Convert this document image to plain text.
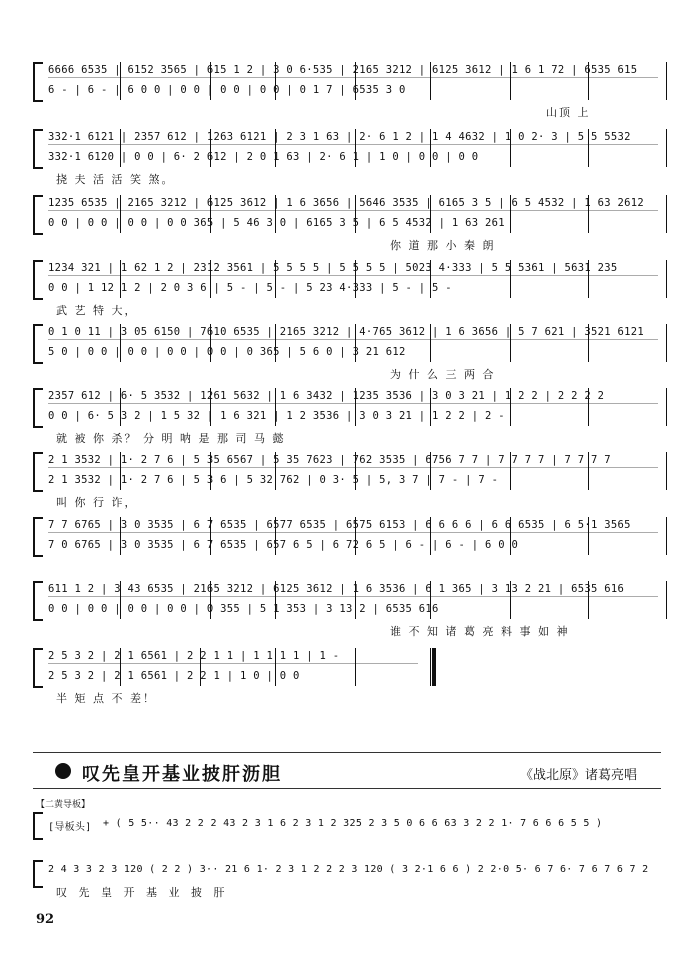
6666 6535 | 6152 3565 | 615 1 2 | 3 0 6·535 | 2165 3212 | 6125 3612 | 1 6 1 72 | 6535 615
6 - | 6 - | 6 0 0 | 0 0 | 0 0 | 0 0 | 0 1 7 | 6535 3 0
山顶 上
332·1 6121 | 2357 612 | 1263 6121 | 2 3 1 63 | 2· 6 1 2 | 1 4 4632 | 1 0 2· 3 | 5 5 5532
332·1 6120 | 0 0 | 6· 2 612 | 2 0 1 63 | 2· 6 1 | 1 0 | 0 0 | 0 0
挠 夫 活 活 笑 煞。
1235 6535 | 2165 3212 | 6125 3612 | 1 6 3656 | 5646 3535 | 6165 3 5 | 6 5 4532 | 1 63 2612
0 0 | 0 0 | 0 0 | 0 0 365 | 5 46 3 0 | 6165 3 5 | 6 5 4532 | 1 63 261
你 道 那 小 秦 朗
1234 321 | 1 62 1 2 | 2312 3561 | 5 5 5 5 | 5 5 5 5 | 5023 4·333 | 5 5 5361 | 5631 235
0 0 | 1 12 1 2 | 2 0 3 6 | 5 - | 5 - | 5 23 4·333 | 5 - | 5 -
武 艺 特 大，
0 1 0 11 | 3 05 6150 | 7610 6535 | 2165 3212 | 4·765 3612 | 1 6 3656 | 5 7 621 | 3521 6121
5 0 | 0 0 | 0 0 | 0 0 | 0 0 | 0 365 | 5 6 0 | 3 21 612
为 什 么 三 两 合
2357 612 | 6· 5 3532 | 1261 5632 | 1 6 3432 | 1235 3536 | 3 0 3 21 | 1 2 2 | 2 2 2 2
0 0 | 6· 5 3 2 | 1 5 32 | 1 6 321 | 1 2 3536 | 3 0 3 21 | 1 2 2 | 2 -
就 被 你 杀？ 分 明 呐 是 那 司 马 懿
2 1 3532 | 1· 2 7 6 | 5 35 6567 | 5 35 7623 | 762 3535 | 6756 7 7 | 7 7 7 7 | 7 7 7 7
2 1 3532 | 1· 2 7 6 | 5 3 6 | 5 32 762 | 0 3· 5 | 5, 3 7 | 7 - | 7 -
叫 你 行 诈，
7 7 6765 | 3 0 3535 | 6 7 6535 | 6577 6535 | 6575 6153 | 6 6 6 6 | 6 6 6535 | 6 5·1 3565
7 0 6765 | 3 0 3535 | 6 7 6535 | 657 6 5 | 6 72 6 5 | 6 - | 6 - | 6 0 0
611 1 2 | 3 43 6535 | 2165 3212 | 6125 3612 | 1 6 3536 | 6 1 365 | 3 13 2 21 | 6535 616
0 0 | 0 0 | 0 0 | 0 0 | 0 355 | 5 1 353 | 3 13 2 | 6535 616
谁 不 知 诸 葛 亮 料 事 如 神
2 5 3 2 | 2 1 6561 | 2 2 1 1 | 1 1 1 1 | 1 -
2 5 3 2 | 2 1 6561 | 2 2 1 | 1 0 | 0 0
半 矩 点 不 差！
叹先皇开基业披肝沥胆	《战北原》诸葛亮唱
【二黄导板】
[导板头] + ( 5 5·· 43 2 2 2 43 2 3 1 6 2 3 1 2 325 2 3 5 0 6 6 63 3 2 2 1· 7 6 6 6 5 5 )
2 4 3 3 2 3 120 ( 2 2 ) 3·· 21 6 1· 2 3 1 2 2 2 3 120 ( 3 2·1 6 6 ) 2 2·0 5· 6 7 6· 7 6 7 6 7 2
叹 先 皇 开 基 业 披 肝
92
